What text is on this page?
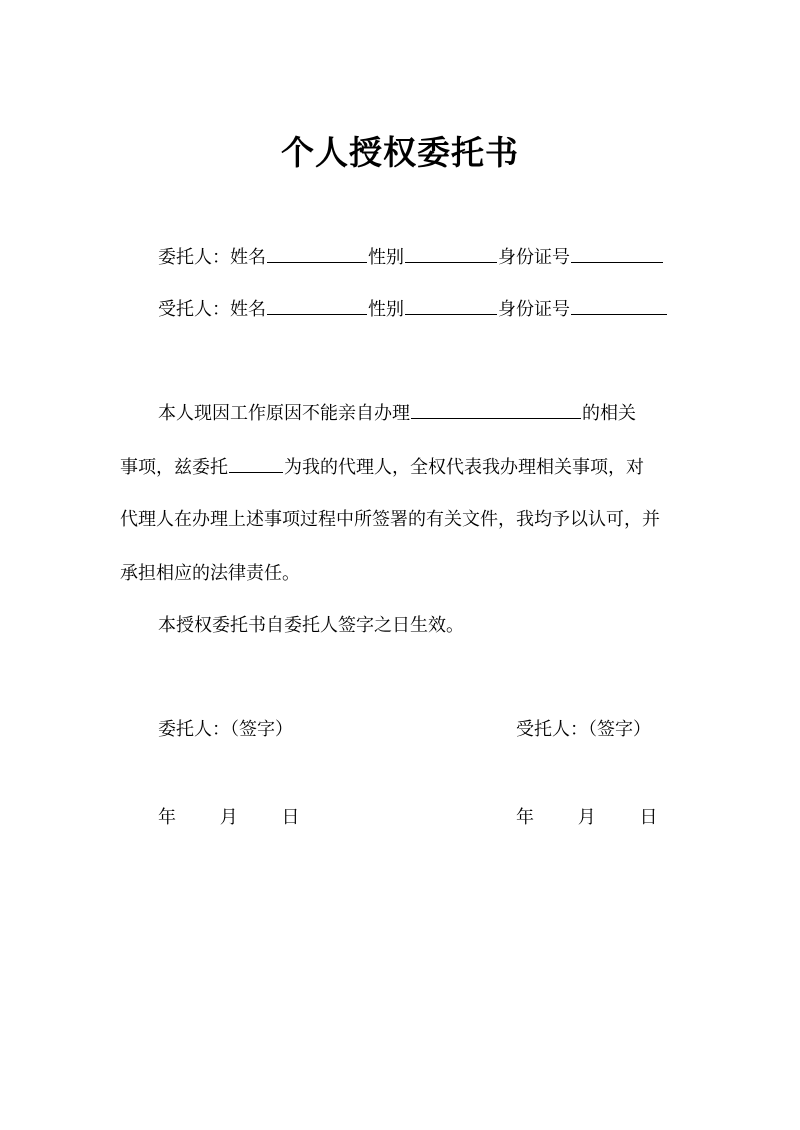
个人授权委托书
委托人： 姓名	性别	身份证号
受托人： 姓名	性别	身份证号
本人现因工作原因不能亲自办理	的相关
事项，兹委托	为我的代理人，全权代表我办理相关事项，对
代理人在办理上述事项过程中所签署的有关文件，我均予以认可，并
承担相应的法律责任。
本授权委托书自委托人签字之日生效。
委托人：（签字）	受托人：（签字）
年 月 日	年 月 日
